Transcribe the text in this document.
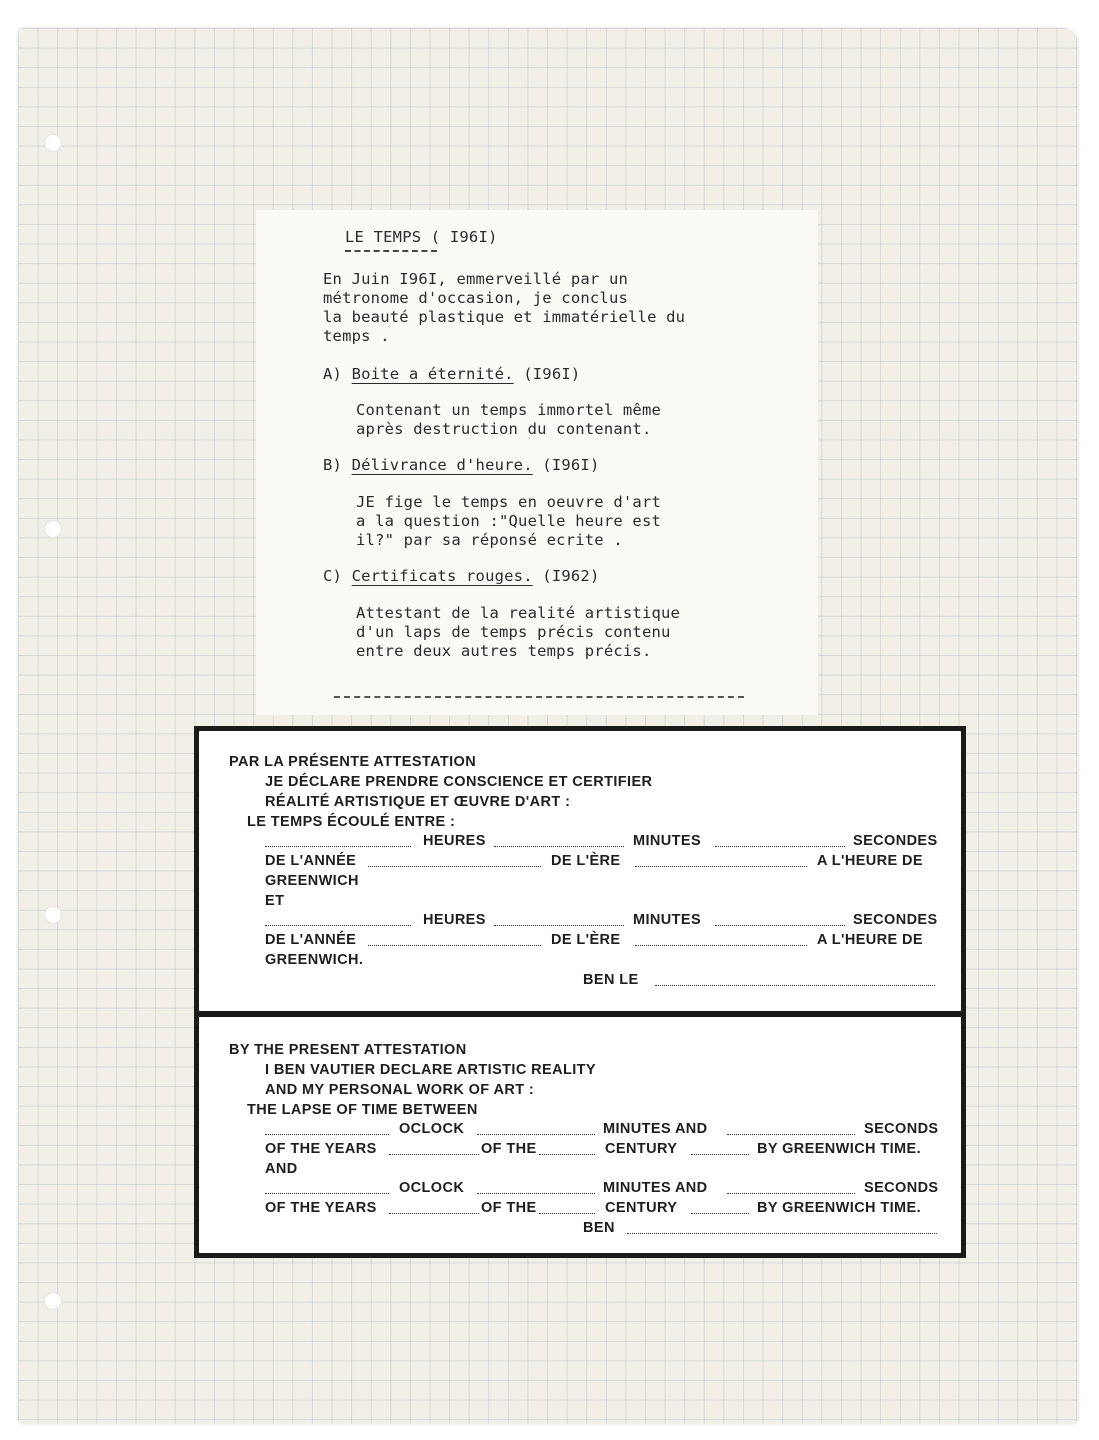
LE TEMPS ( I96I)
En Juin I96I, emmerveillé par un
métronome d'occasion, je conclus
la beauté plastique et immatérielle du
temps .
A) Boite a éternité. (I96I)
Contenant un temps immortel même
après destruction du contenant.
B) Délivrance d'heure. (I96I)
JE fige le temps en oeuvre d'art
a la question :"Quelle heure est
il?" par sa réponsé ecrite .
C) Certificats rouges. (I962)
Attestant de la realité artistique
d'un laps de temps précis contenu
entre deux autres temps précis.
PAR LA PRÉSENTE ATTESTATION
JE DÉCLARE PRENDRE CONSCIENCE ET CERTIFIER
RÉALITÉ ARTISTIQUE ET ŒUVRE D'ART :
LE TEMPS ÉCOULÉ ENTRE :
HEURES	MINUTES	SECONDES
DE L'ANNÉE	DE L'ÈRE	A L'HEURE DE
GREENWICH
ET
HEURES	MINUTES	SECONDES
DE L'ANNÉE	DE L'ÈRE	A L'HEURE DE
GREENWICH.
BEN LE
BY THE PRESENT ATTESTATION
I BEN VAUTIER DECLARE ARTISTIC REALITY
AND MY PERSONAL WORK OF ART :
THE LAPSE OF TIME BETWEEN
OCLOCK	MINUTES AND	SECONDS
OF THE YEARS	OF THE	CENTURY	BY GREENWICH TIME.
AND
OCLOCK	MINUTES AND	SECONDS
OF THE YEARS	OF THE	CENTURY	BY GREENWICH TIME.
BEN
